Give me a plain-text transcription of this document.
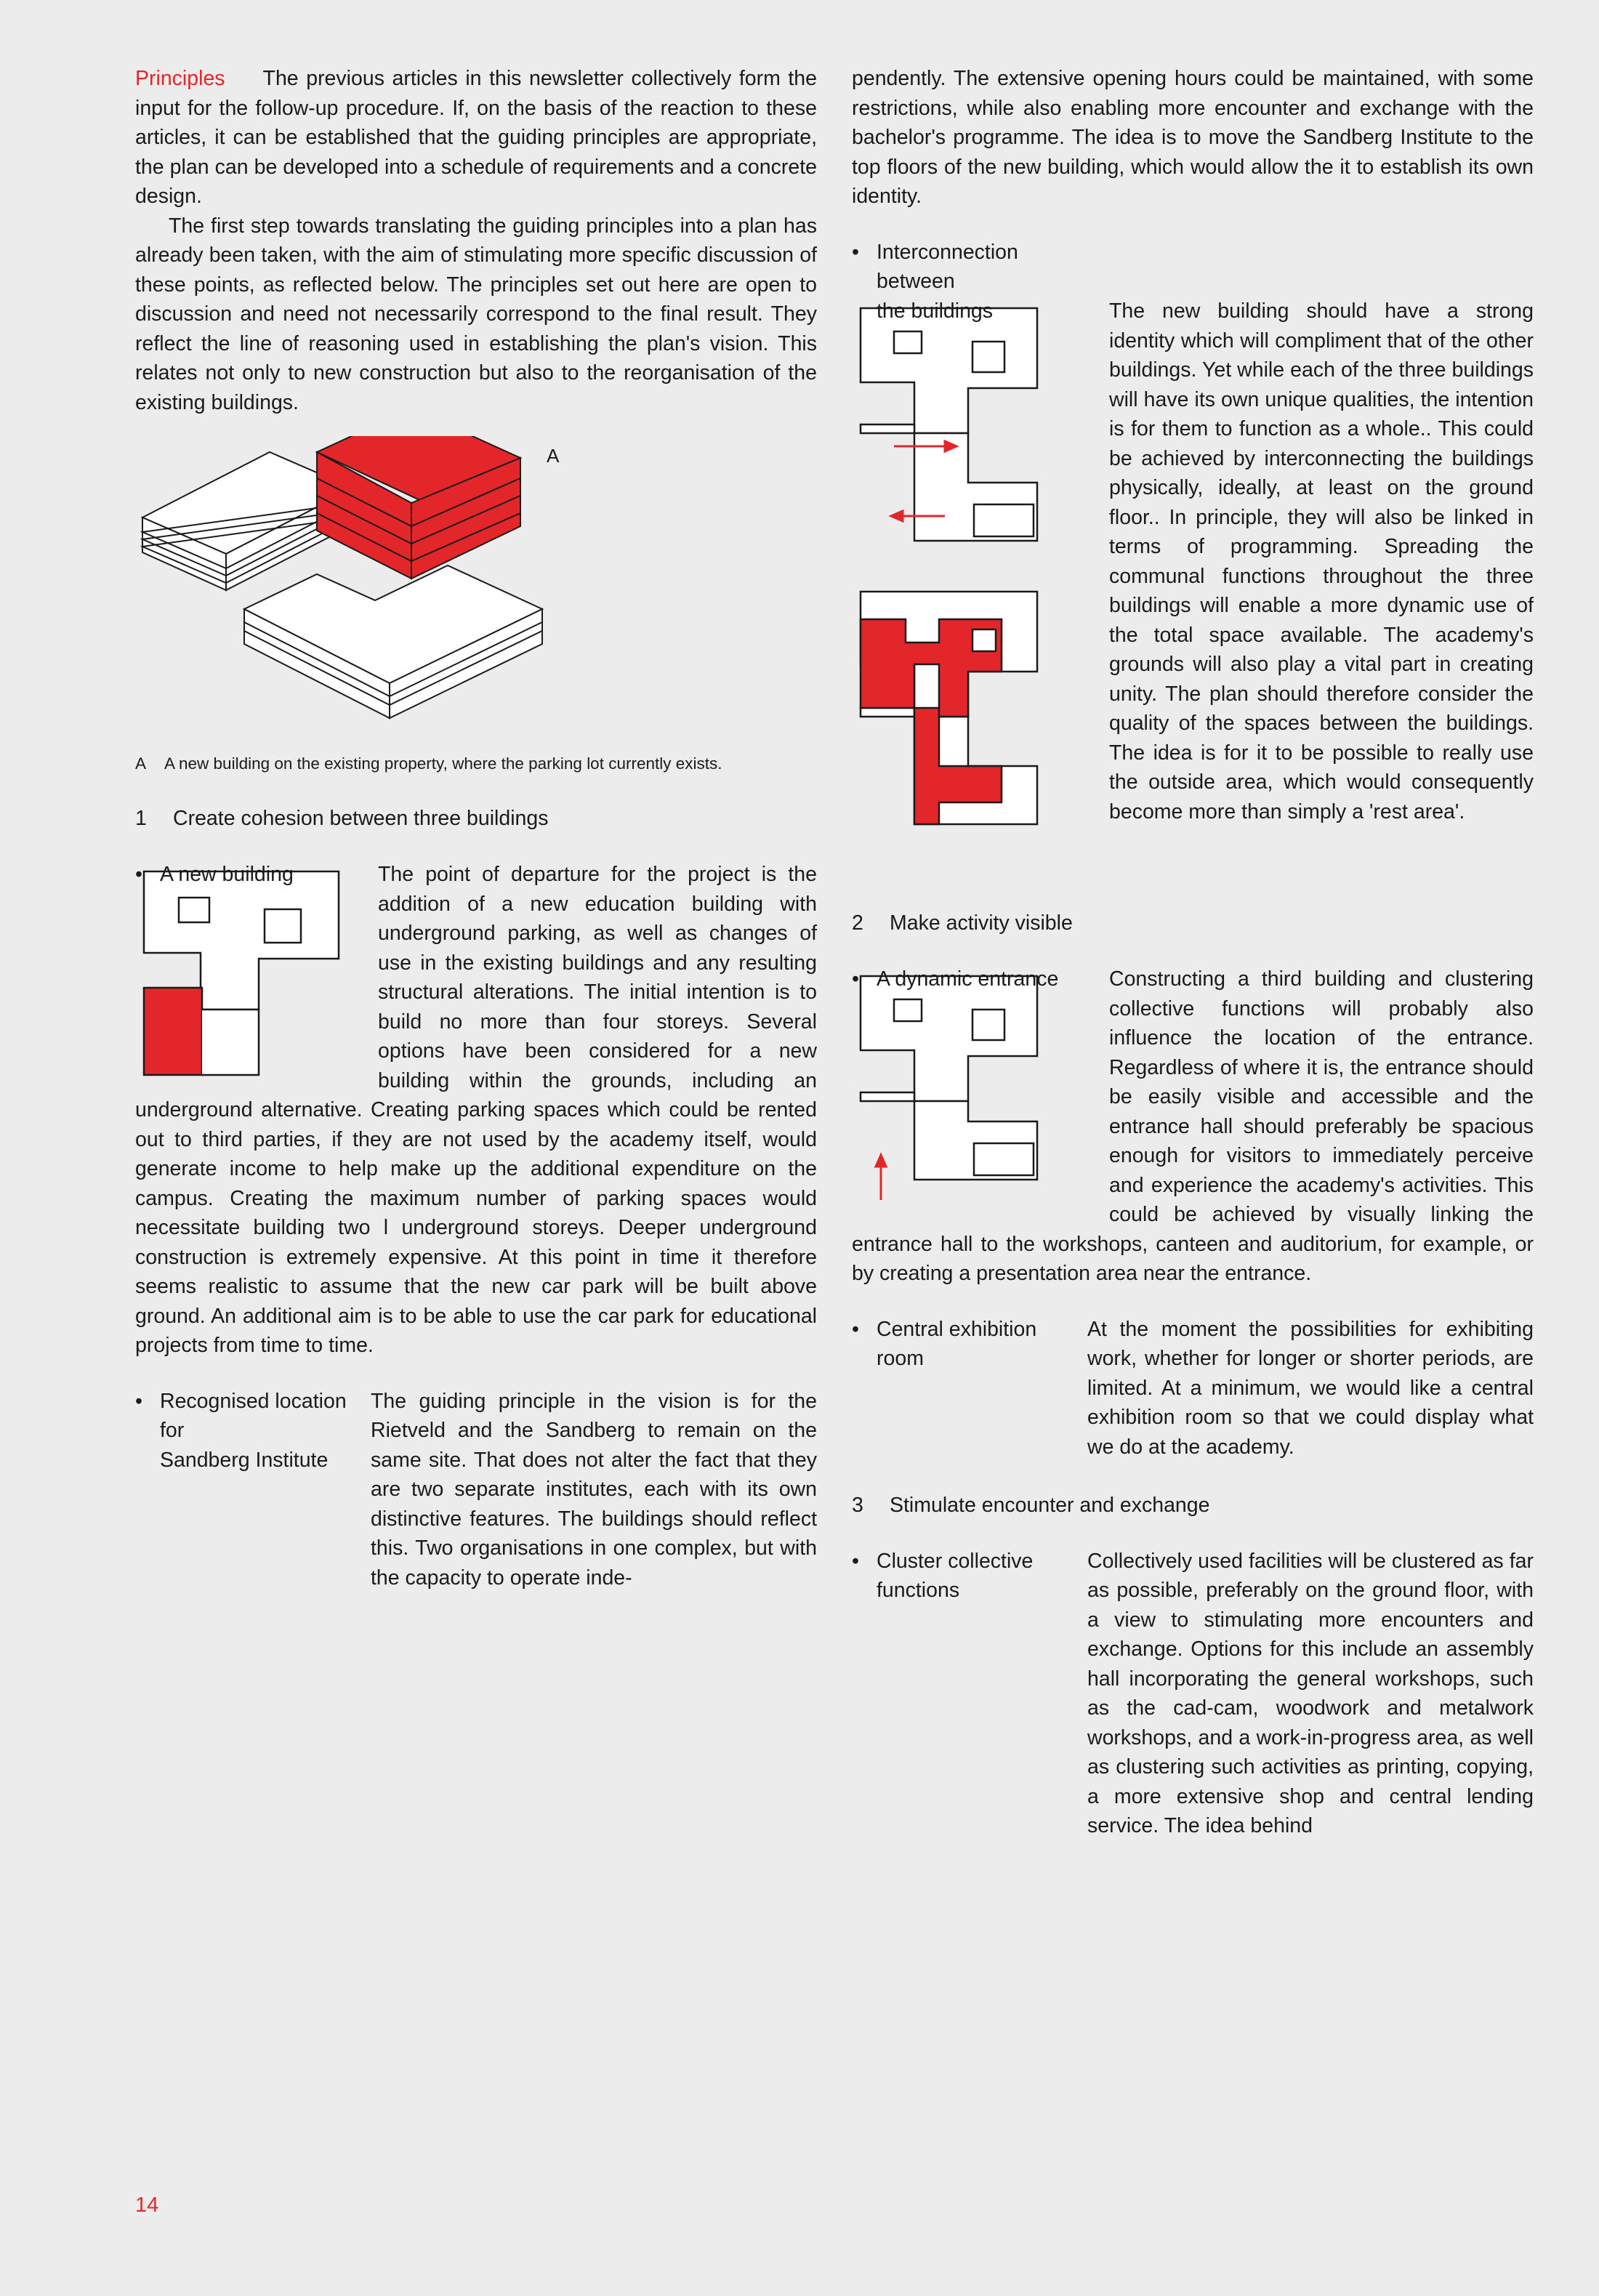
Principles The previous articles in this newsletter collectively form the input for the follow-up procedure. If, on the basis of the reaction to these articles, it can be established that the guiding principles are appropriate, the plan can be developed into a schedule of requirements and a concrete design.

The first step towards translating the guiding principles into a plan has already been taken, with the aim of stimulating more specific discussion of these points, as reflected below. The principles set out here are open to discussion and need not necessarily correspond to the final result. They reflect the line of reasoning used in establishing the plan's vision. This relates not only to new construction but also to the reorganisation of the existing buildings.

A
A	A new building on the existing property, where the parking lot currently exists.
1 Create cohesion between three buildings
• A new building	The point of departure for the project is the addition of a new education building with underground parking, as well as changes of use in the existing buildings and any resulting structural alterations. The initial intention is to build no more than four storeys. Several options have been considered for a new building within the grounds, including an underground alternative. Creating parking spaces which could be rented out to third parties, if they are not used by the academy itself, would generate income to help make up the additional expenditure on the campus. Creating the maximum number of parking spaces would necessitate building two l underground storeys. Deeper underground construction is extremely expensive. At this point in time it therefore seems realistic to assume that the new car park will be built above ground. An additional aim is to be able to use the car park for educational projects from time to time.

• Recognised location for
Sandberg Institute
The guiding principle in the vision is for the Rietveld and the Sandberg to remain on the same site. That does not alter the fact that they are two separate institutes, each with its own distinctive features. The buildings should reflect this. Two organisations in one complex, but with the capacity to operate inde-

pendently. The extensive opening hours could be maintained, with some restrictions, while also enabling more encounter and exchange with the bachelor's programme. The idea is to move the Sandberg Institute to the top floors of the new building, which would allow the it to establish its own identity.

• Interconnection between
the buildings	The new building should have a strong identity which will compliment that of the other buildings. Yet while each of the three buildings will have its own unique qualities, the intention is for them to function as a whole.. This could be achieved by interconnecting the buildings physically, ideally, at least on the ground floor.. In principle, they will also be linked in terms of programming. Spreading the communal functions throughout the three buildings will enable a more dynamic use of the total space available. The academy's grounds will also play a vital part in creating unity. The plan should therefore consider the quality of the spaces between the buildings. The idea is for it to be possible to really use the outside area, which would consequently become more than simply a 'rest area'.

2 Make activity visible
• A dynamic entrance	Constructing a third building and clustering collective functions will probably also influence the location of the entrance. Regardless of where it is, the entrance should be easily visible and accessible and the entrance hall should preferably be spacious enough for visitors to immediately perceive and experience the academy's activities. This could be achieved by visually linking the entrance hall to the workshops, canteen and auditorium, for example, or by creating a presentation area near the entrance.

• Central exhibition room
At the moment the possibilities for exhibiting work, whether for longer or shorter periods, are limited. At a minimum, we would like a central exhibition room so that we could display what we do at the academy.
3 Stimulate encounter and exchange
• Cluster collective
functions
Collectively used facilities will be clustered as far as possible, preferably on the ground floor, with a view to stimulating more encounters and exchange. Options for this include an assembly hall incorporating the general workshops, such as the cad-cam, woodwork and metalwork workshops, and a work-in-progress area, as well as clustering such activities as printing, copying, a more extensive shop and central lending service. The idea behind
14
